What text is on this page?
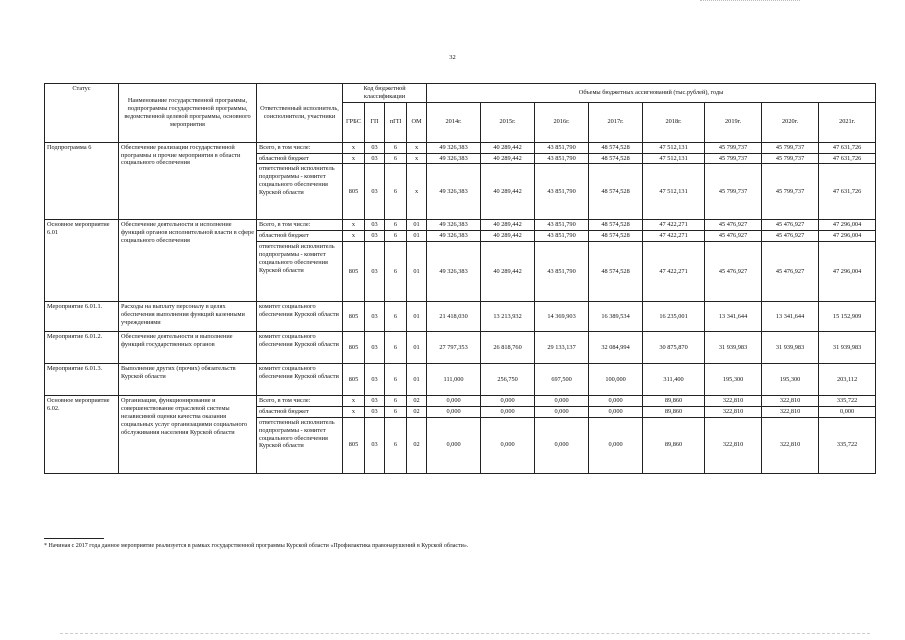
32
Статус	Наименование государственной программы, подпрограммы государственной программы, ведомственной целевой программы, основного мероприятия	Ответственный исполнитель, соисполнители, участники	Код бюджетной классификации				Объемы бюджетных ассигнований (тыс.рублей), годы							
			ГРБС	ГП	пГП	ОМ	2014г.	2015г.	2016г.	2017г.	2018г.	2019г.	2020г.	2021г.
Подпрограмма 6	Обеспечение реализации государственной программы и прочие мероприятия в области социального обеспечения	Всего, в том числе:	x	03	6	x	49 326,383	40 289,442	43 851,790	48 574,528	47 512,131	45 799,737	45 799,737	47 631,726
		областной бюджет	x	03	6	x	49 326,383	40 289,442	43 851,790	48 574,528	47 512,131	45 799,737	45 799,737	47 631,726
		ответственный исполнитель подпрограммы - комитет социального обеспечения Курской области	805	03	6	x	49 326,383	40 289,442	43 851,790	48 574,528	47 512,131	45 799,737	45 799,737	47 631,726
Основное мероприятие 6.01	Обеспечение деятельности и исполнение функций органов исполнительной власти в сфере социального обеспечения	Всего, в том числе:	x	03	6	01	49 326,383	40 289,442	43 851,790	48 574,528	47 422,271	45 476,927	45 476,927	47 296,004
		областной бюджет	x	03	6	01	49 326,383	40 289,442	43 851,790	48 574,528	47 422,271	45 476,927	45 476,927	47 296,004
		ответственный исполнитель подпрограммы - комитет социального обеспечения Курской области	805	03	6	01	49 326,383	40 289,442	43 851,790	48 574,528	47 422,271	45 476,927	45 476,927	47 296,004
Мероприятие 6.01.1.	Расходы на выплату персоналу в целях обеспечения выполнения функций казенными учреждениями	комитет социального обеспечения Курской области	805	03	6	01	21 418,030	13 213,932	14 369,903	16 389,534	16 235,001	13 341,644	13 341,644	15 152,909
Мероприятие 6.01.2.	Обеспечение деятельности и выполнение функций государственных органов	комитет социального обеспечения Курской области	805	03	6	01	27 797,353	26 818,760	29 133,137	32 084,994	30 875,870	31 939,983	31 939,983	31 939,983
Мероприятие 6.01.3.	Выполнение других (прочих) обязательств Курской области	комитет социального обеспечения Курской области	805	03	6	01	111,000	256,750	697,500	100,000	311,400	195,300	195,300	203,112
Основное мероприятие 6.02.	Организация, функционирование и совершенствование отраслевой системы независимой оценки качества оказания социальных услуг организациями социального обслуживания населения Курской области	Всего, в том числе:	x	03	6	02	0,000	0,000	0,000	0,000	89,860	322,810	322,810	335,722
		областной бюджет	x	03	6	02	0,000	0,000	0,000	0,000	89,860	322,810	322,810	0,000
		ответственный исполнитель подпрограммы - комитет социального обеспечения Курской области	805	03	6	02	0,000	0,000	0,000	0,000	89,860	322,810	322,810	335,722
* Начиная с 2017 года данное мероприятие реализуется в рамках государственной программы Курской области «Профилактика правонарушений в Курской области».
